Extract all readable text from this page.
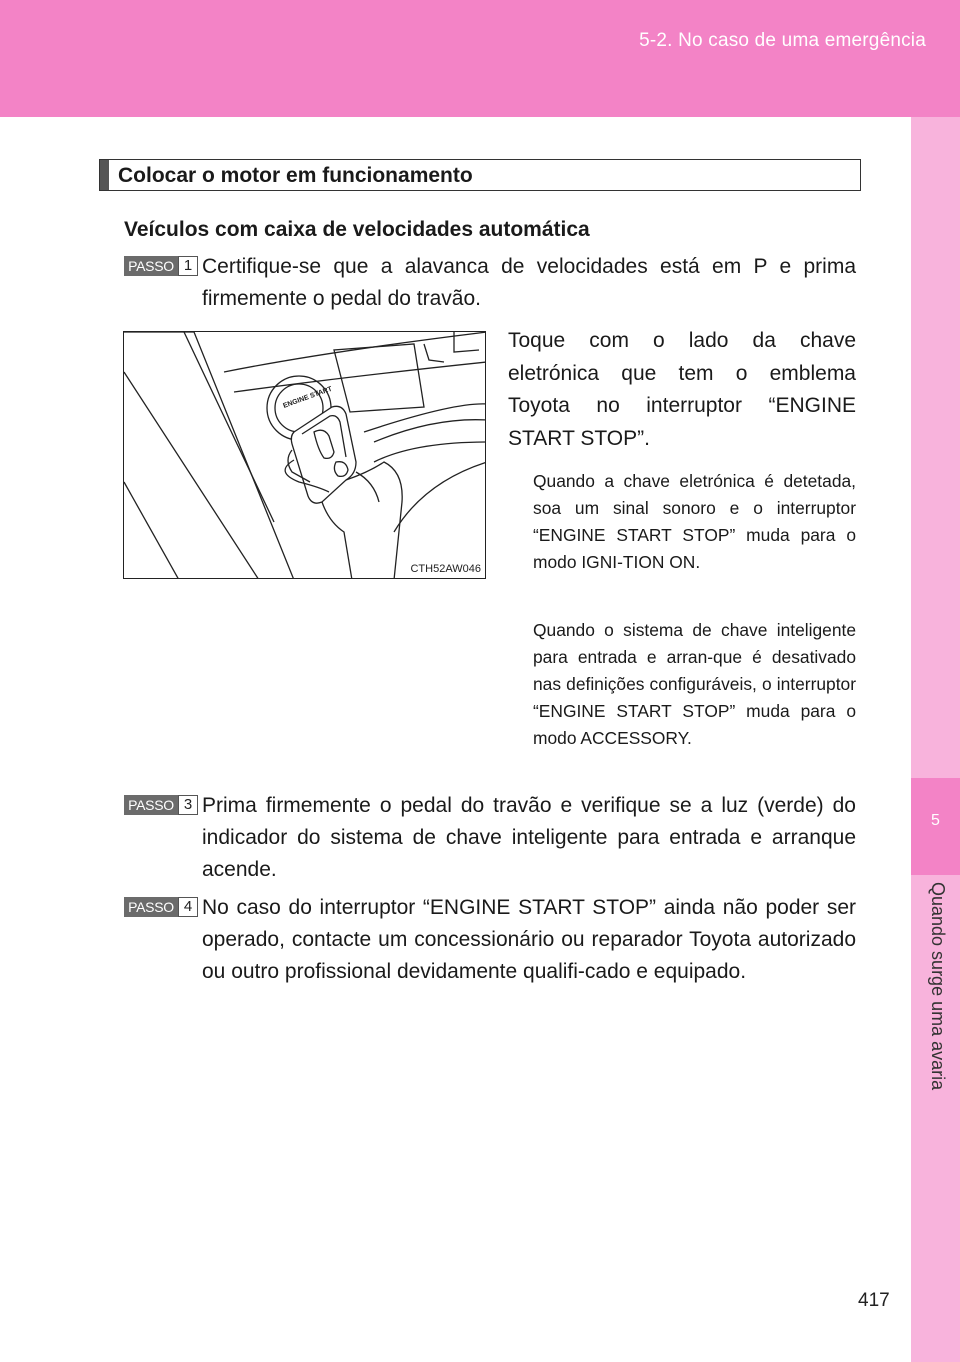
5-2. No caso de uma emergência
5
Quando surge uma avaria
Colocar o motor em funcionamento
Veículos com caixa de velocidades automática
PASSO 1 Certifique-se que a alavanca de velocidades está em P e prima firmemente o pedal do travão.
ENGINE START
CTH52AW046
Toque com o lado da chave eletrónica que tem o emblema Toyota no interruptor “ENGINE START STOP”.
Quando a chave eletrónica é detetada, soa um sinal sonoro e o interruptor “ENGINE START STOP” muda para o modo IGNI-TION ON.
Quando o sistema de chave inteligente para entrada e arran-que é desativado nas definições configuráveis, o interruptor “ENGINE START STOP” muda para o modo ACCESSORY.
PASSO 3 Prima firmemente o pedal do travão e verifique se a luz (verde) do indicador do sistema de chave inteligente para entrada e arranque acende.
PASSO 4 No caso do interruptor “ENGINE START STOP” ainda não poder ser operado, contacte um concessionário ou reparador Toyota autorizado ou outro profissional devidamente qualifi-cado e equipado.
417
